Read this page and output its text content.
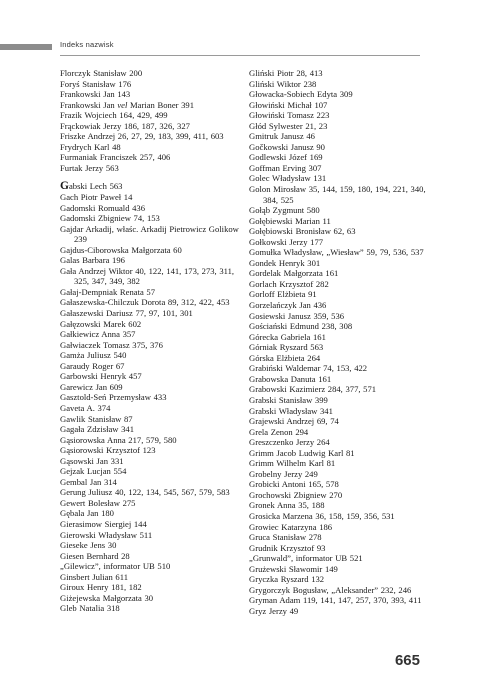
Indeks nazwisk
Florczyk Stanisław 200
Foryś Stanisław 176
Frankowski Jan 143
Frankowski Jan vel Marian Boner 391
Frazik Wojciech 164, 429, 499
Frąckowiak Jerzy 186, 187, 326, 327
Friszke Andrzej 26, 27, 29, 183, 399, 411, 603
Frydrych Karl 48
Furmaniak Franciszek 257, 406
Furtak Jerzy 563
Gabski Lech 563
Gach Piotr Paweł 14
Gadomski Romuald 436
Gadomski Zbigniew 74, 153
Gajdar Arkadij, właśc. Arkadij Pietrowicz Golikow 239
Gajdus-Ciborowska Małgorzata 60
Galas Barbara 196
Gała Andrzej Wiktor 40, 122, 141, 173, 273, 311, 325, 347, 349, 382
Gałaj-Dempniak Renata 57
Gałaszewska-Chilczuk Dorota 89, 312, 422, 453
Gałaszewski Dariusz 77, 97, 101, 301
Gałęzowski Marek 602
Gałkiewicz Anna 357
Gałwiaczek Tomasz 375, 376
Gamża Juliusz 540
Garaudy Roger 67
Garbowski Henryk 457
Garewicz Jan 609
Gasztold-Seń Przemysław 433
Gaveta A. 374
Gawlik Stanisław 87
Gagała Zdzisław 341
Gąsiorowska Anna 217, 579, 580
Gąsiorowski Krzysztof 123
Gąsowski Jan 331
Gejzak Lucjan 554
Gembal Jan 314
Gerung Juliusz 40, 122, 134, 545, 567, 579, 583
Gewert Bolesław 275
Gębala Jan 180
Gierasimow Siergiej 144
Gierowski Władysław 511
Gieseke Jens 30
Giesen Bernhard 28
„Gilewicz”, informator UB 510
Ginsbert Julian 611
Giroux Henry 181, 182
Giżejewska Małgorzata 30
Gleb Natalia 318
Gliński Piotr 28, 413
Gliński Wiktor 238
Głowacka-Sobiech Edyta 309
Głowiński Michał 107
Głowiński Tomasz 223
Głód Sylwester 21, 23
Gmitruk Janusz 46
Gočkowski Janusz 90
Godlewski Józef 169
Goffman Erving 307
Golec Władysław 131
Golon Mirosław 35, 144, 159, 180, 194, 221, 340, 384, 525
Gołąb Zygmunt 580
Gołębiewski Marian 11
Gołębiowski Bronisław 62, 63
Gołkowski Jerzy 177
Gomułka Władysław, „Wiesław” 59, 79, 536, 537
Gondek Henryk 301
Gordelak Małgorzata 161
Gorlach Krzysztof 282
Gorloff Elżbieta 91
Gorzelańczyk Jan 436
Gosiewski Janusz 359, 536
Gościański Edmund 238, 308
Górecka Gabriela 161
Górniak Ryszard 563
Górska Elżbieta 264
Grabiński Waldemar 74, 153, 422
Grabowska Danuta 161
Grabowski Kazimierz 284, 377, 571
Grabski Stanisław 399
Grabski Władysław 341
Grajewski Andrzej 69, 74
Grela Zenon 294
Greszczenko Jerzy 264
Grimm Jacob Ludwig Karl 81
Grimm Wilhelm Karl 81
Grobelny Jerzy 249
Grobicki Antoni 165, 578
Grochowski Zbigniew 270
Gronek Anna 35, 188
Grosicka Marzena 36, 158, 159, 356, 531
Growiec Katarzyna 186
Gruca Stanisław 278
Grudnik Krzysztof 93
„Grunwald”, informator UB 521
Grużewski Sławomir 149
Gryczka Ryszard 132
Grygorczyk Bogusław, „Aleksander” 232, 246
Gryman Adam 119, 141, 147, 257, 370, 393, 411
Gryz Jerzy 49
665
